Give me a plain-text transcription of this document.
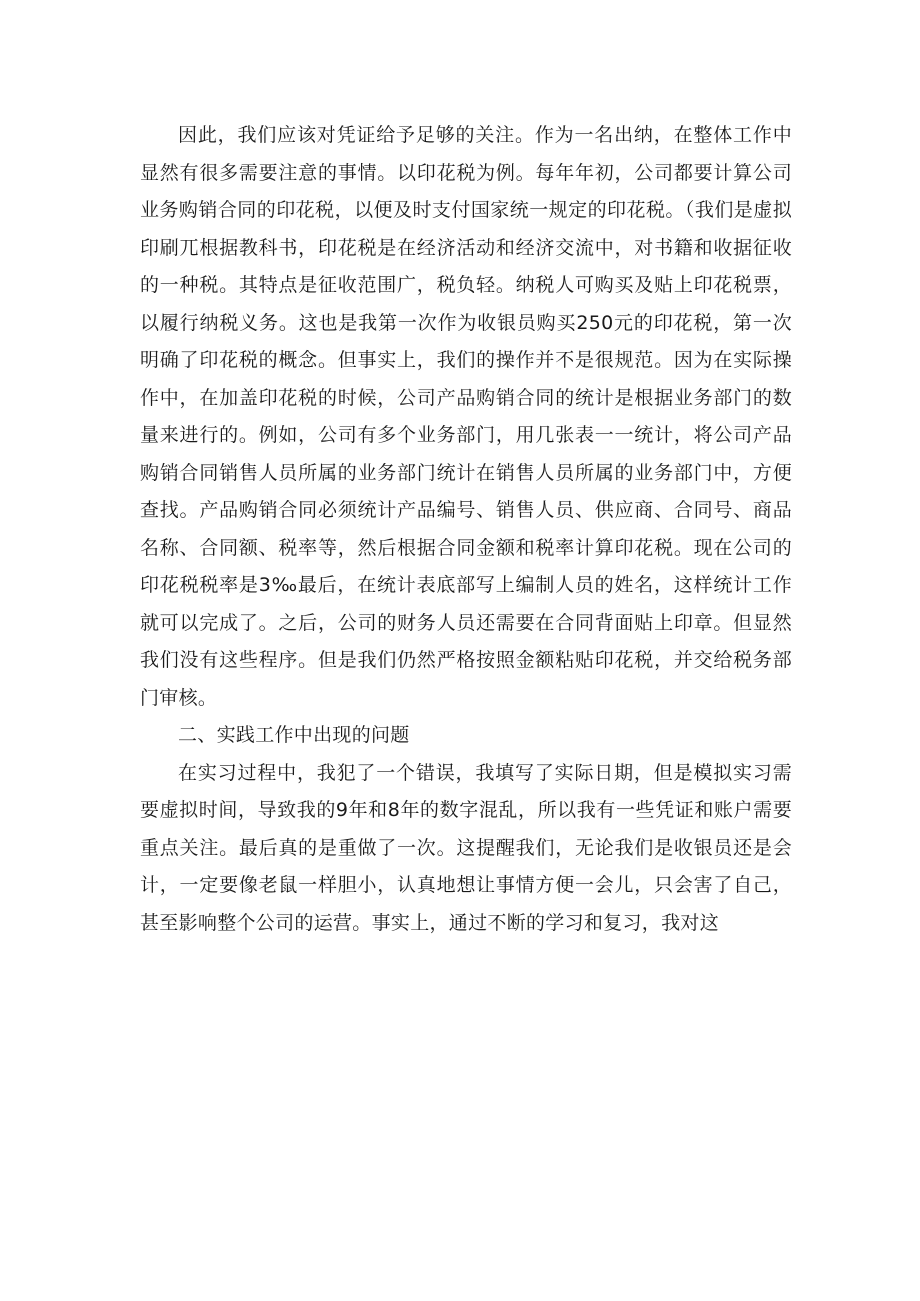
因此，我们应该对凭证给予足够的关注。作为一名出纳，在整体工作中显然有很多需要注意的事情。以印花税为例。每年年初，公司都要计算公司业务购销合同的印花税，以便及时支付国家统一规定的印花税。（我们是虚拟印刷兀根据教科书，印花税是在经济活动和经济交流中，对书籍和收据征收的一种税。其特点是征收范围广，税负轻。纳税人可购买及贴上印花税票，以履行纳税义务。这也是我第一次作为收银员购买250元的印花税，第一次明确了印花税的概念。但事实上，我们的操作并不是很规范。因为在实际操作中，在加盖印花税的时候，公司产品购销合同的统计是根据业务部门的数量来进行的。例如，公司有多个业务部门，用几张表一一统计，将公司产品购销合同销售人员所属的业务部门统计在销售人员所属的业务部门中，方便查找。产品购销合同必须统计产品编号、销售人员、供应商、合同号、商品名称、合同额、税率等，然后根据合同金额和税率计算印花税。现在公司的印花税税率是3‰最后，在统计表底部写上编制人员的姓名，这样统计工作就可以完成了。之后，公司的财务人员还需要在合同背面贴上印章。但显然我们没有这些程序。但是我们仍然严格按照金额粘贴印花税，并交给税务部门审核。

二、实践工作中出现的问题

在实习过程中，我犯了一个错误，我填写了实际日期，但是模拟实习需要虚拟时间，导致我的9年和8年的数字混乱，所以我有一些凭证和账户需要重点关注。最后真的是重做了一次。这提醒我们，无论我们是收银员还是会计，一定要像老鼠一样胆小，认真地想让事情方便一会儿，只会害了自己，甚至影响整个公司的运营。事实上，通过不断的学习和复习，我对这
